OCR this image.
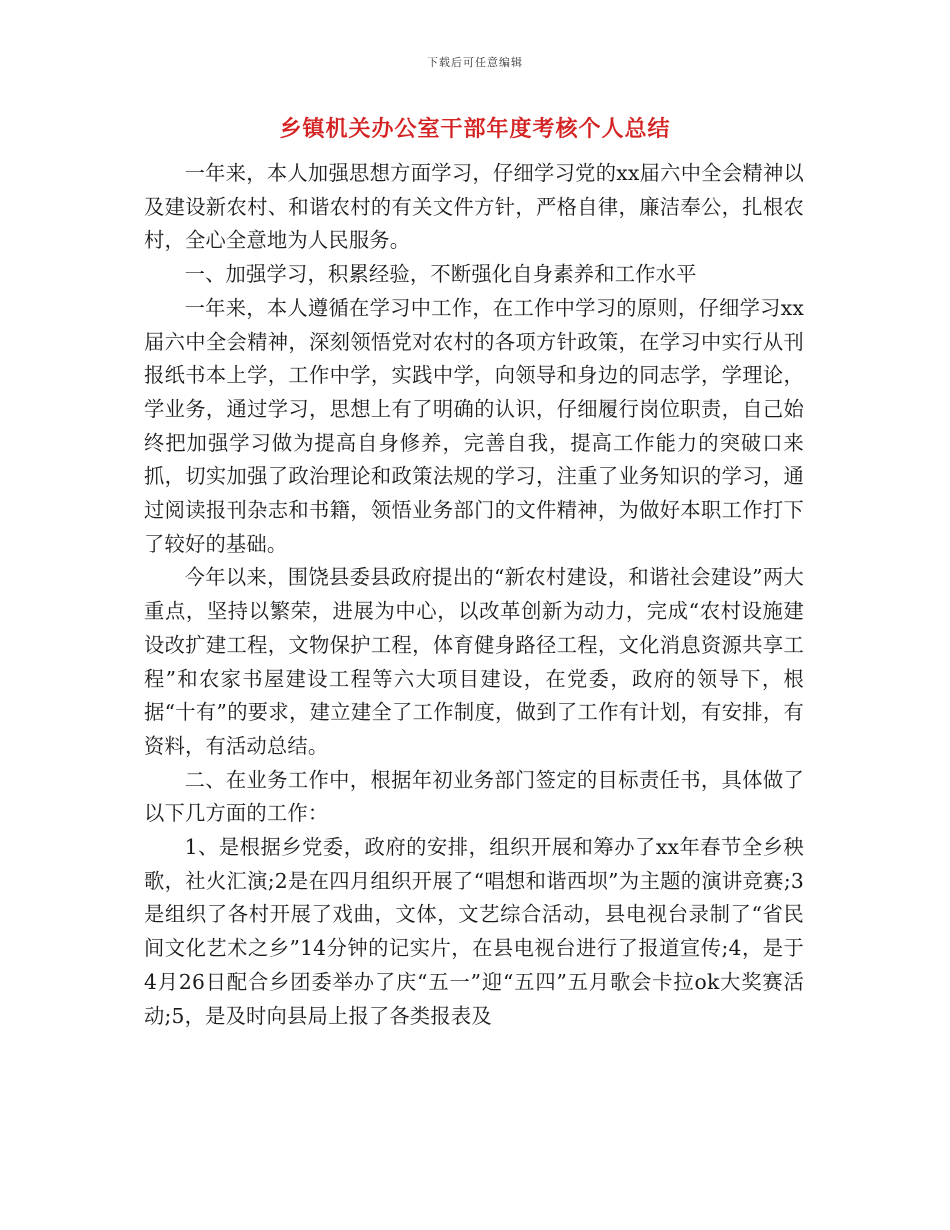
下载后可任意编辑
乡镇机关办公室干部年度考核个人总结

一年来，本人加强思想方面学习，仔细学习党的xx届六中全会精神以及建设新农村、和谐农村的有关文件方针，严格自律，廉洁奉公，扎根农村，全心全意地为人民服务。

一、加强学习，积累经验，不断强化自身素养和工作水平

一年来，本人遵循在学习中工作，在工作中学习的原则，仔细学习xx届六中全会精神，深刻领悟党对农村的各项方针政策，在学习中实行从刊报纸书本上学，工作中学，实践中学，向领导和身边的同志学，学理论，学业务，通过学习，思想上有了明确的认识，仔细履行岗位职责，自己始终把加强学习做为提高自身修养，完善自我，提高工作能力的突破口来抓，切实加强了政治理论和政策法规的学习，注重了业务知识的学习，通过阅读报刊杂志和书籍，领悟业务部门的文件精神，为做好本职工作打下了较好的基础。

今年以来，围饶县委县政府提出的“新农村建设，和谐社会建设”两大重点，坚持以繁荣，进展为中心，以改革创新为动力，完成“农村设施建设改扩建工程，文物保护工程，体育健身路径工程，文化消息资源共享工程”和农家书屋建设工程等六大项目建设，在党委，政府的领导下，根据“十有”的要求，建立建全了工作制度，做到了工作有计划，有安排，有资料，有活动总结。

二、在业务工作中，根据年初业务部门签定的目标责任书，具体做了以下几方面的工作：

1、是根据乡党委，政府的安排，组织开展和筹办了xx年春节全乡秧歌，社火汇演;2是在四月组织开展了“唱想和谐西坝”为主题的演讲竞赛;3是组织了各村开展了戏曲，文体，文艺综合活动，县电视台录制了“省民间文化艺术之乡”14分钟的记实片，在县电视台进行了报道宣传;4，是于4月26日配合乡团委举办了庆“五一”迎“五四”五月歌会卡拉ok大奖赛活动;5，是及时向县局上报了各类报表及
